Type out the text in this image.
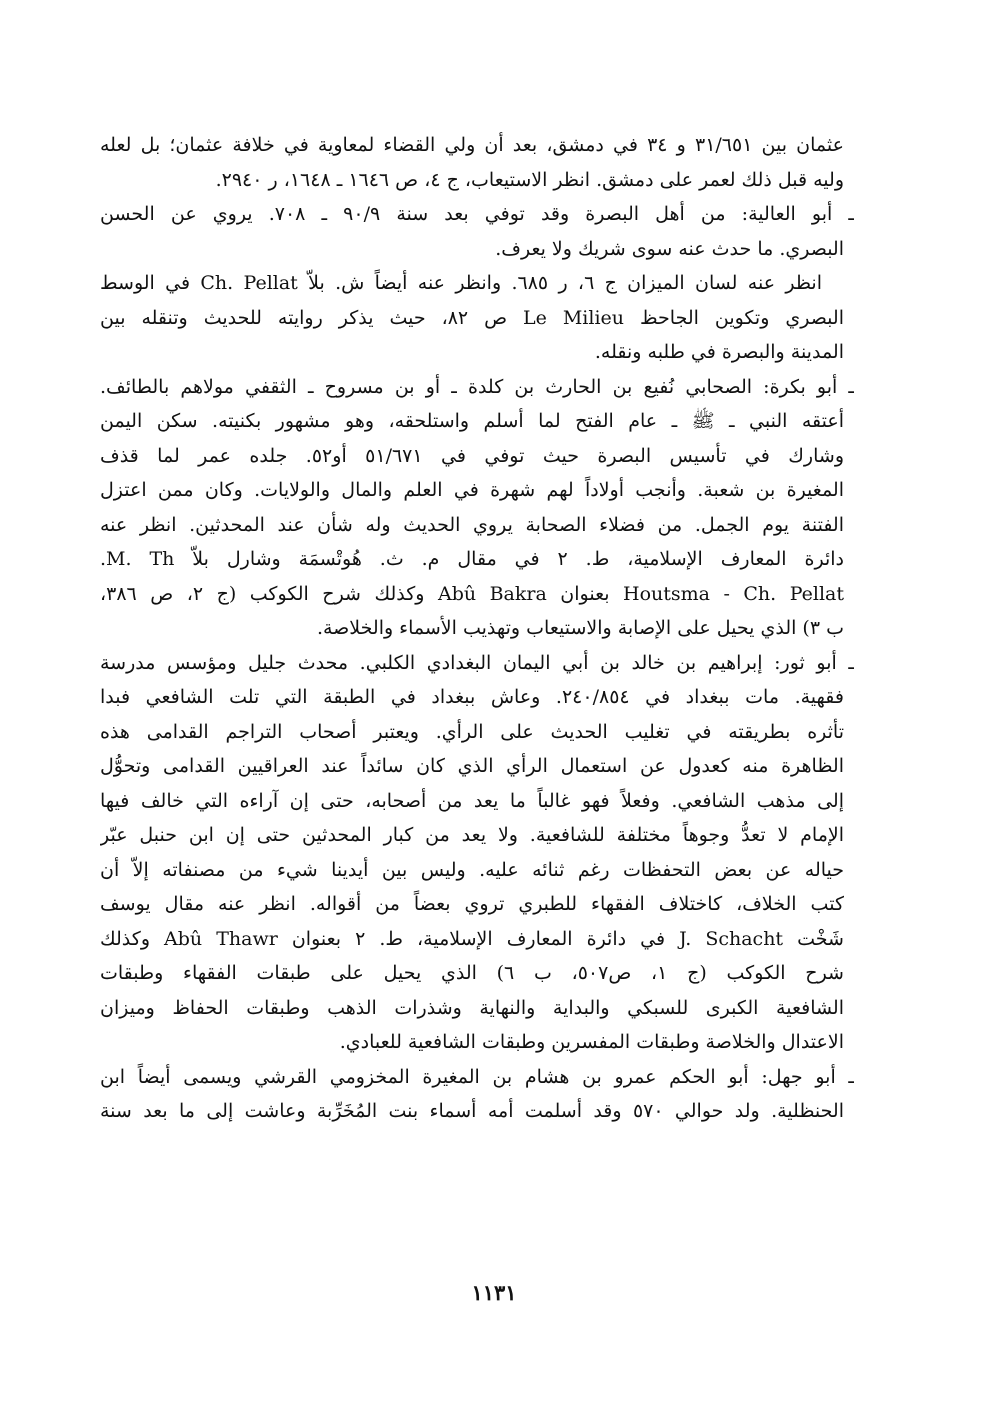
عثمان بين ٣١/٦٥١ و ٣٤ في دمشق، بعد أن ولي القضاء لمعاوية في خلافة عثمان؛ بل لعله
وليه قبل ذلك لعمر على دمشق. انظر الاستيعاب، ج ٤، ص ١٦٤٦ ـ ١٦٤٨، ر ٢٩٤٠.

ـ أبو العالية: من أهل البصرة وقد توفي بعد سنة ٩٠/٩ ـ ٧٠٨. يروي عن الحسن
البصري. ما حدث عنه سوى شريك ولا يعرف.

انظر عنه لسان الميزان ج ٦، ر ٦٨٥. وانظر عنه أيضاً ش. بلاّ Ch. Pellat في الوسط
البصري وتكوين الجاحظ Le Milieu ص ٨٢، حيث يذكر روايته للحديث وتنقله بين
المدينة والبصرة في طلبه ونقله.

ـ أبو بكرة: الصحابي نُفيع بن الحارث بن كلدة ـ أو بن مسروح ـ الثقفي مولاهم بالطائف.
أعتقه النبي ـ ﷺ ـ عام الفتح لما أسلم واستلحقه، وهو مشهور بكنيته. سكن اليمن
وشارك في تأسيس البصرة حيث توفي في ٥١/٦٧١ أو٥٢. جلده عمر لما قذف
المغيرة بن شعبة. وأنجب أولاداً لهم شهرة في العلم والمال والولايات. وكان ممن اعتزل
الفتنة يوم الجمل. من فضلاء الصحابة يروي الحديث وله شأن عند المحدثين. انظر عنه
دائرة المعارف الإسلامية، ط. ٢ في مقال م. ث. هُوتْسمَة وشارل بلاّ M. Th.
Houtsma - Ch. Pellat بعنوان Abû Bakra وكذلك شرح الكوكب (ج ٢، ص ٣٨٦،
ب ٣) الذي يحيل على الإصابة والاستيعاب وتهذيب الأسماء والخلاصة.

ـ أبو ثور: إبراهيم بن خالد بن أبي اليمان البغدادي الكلبي. محدث جليل ومؤسس مدرسة
فقهية. مات ببغداد في ٢٤٠/٨٥٤. وعاش ببغداد في الطبقة التي تلت الشافعي فبدا
تأثره بطريقته في تغليب الحديث على الرأي. ويعتبر أصحاب التراجم القدامى هذه
الظاهرة منه كعدول عن استعمال الرأي الذي كان سائداً عند العراقيين القدامى وتحوُّل
إلى مذهب الشافعي. وفعلاً فهو غالباً ما يعد من أصحابه، حتى إن آراءه التي خالف فيها
الإمام لا تعدُّ وجوهاً مختلفة للشافعية. ولا يعد من كبار المحدثين حتى إن ابن حنبل عبّر
حياله عن بعض التحفظات رغم ثنائه عليه. وليس بين أيدينا شيء من مصنفاته إلاّ أن
كتب الخلاف، كاختلاف الفقهاء للطبري تروي بعضاً من أقواله. انظر عنه مقال يوسف
شَخْت J. Schacht في دائرة المعارف الإسلامية، ط. ٢ بعنوان Abû Thawr وكذلك
شرح الكوكب (ج ١، ص٥٠٧، ب ٦) الذي يحيل على طبقات الفقهاء وطبقات
الشافعية الكبرى للسبكي والبداية والنهاية وشذرات الذهب وطبقات الحفاظ وميزان
الاعتدال والخلاصة وطبقات المفسرين وطبقات الشافعية للعبادي.

ـ أبو جهل: أبو الحكم عمرو بن هشام بن المغيرة المخزومي القرشي ويسمى أيضاً ابن
الحنظلية. ولد حوالي ٥٧٠ وقد أسلمت أمه أسماء بنت المُخَرِّبة وعاشت إلى ما بعد سنة

١١٣١
